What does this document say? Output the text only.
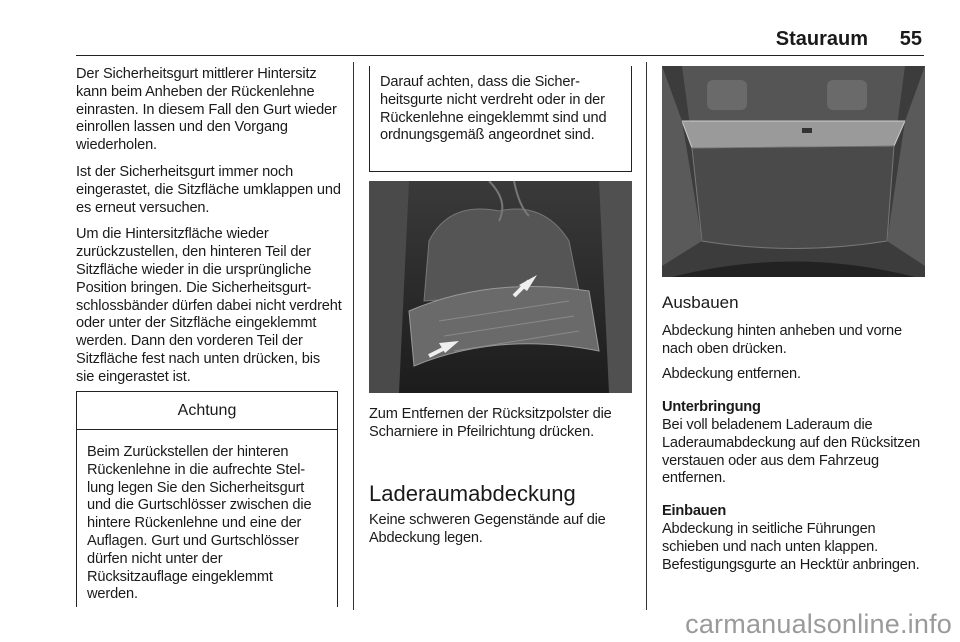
Stauraum 55

Der Sicherheitsgurt mittlerer Hintersitz kann beim Anheben der Rückenlehne einrasten. In diesem Fall den Gurt wieder einrollen lassen und den Vorgang wiederholen.

Ist der Sicherheitsgurt immer noch eingerastet, die Sitzfläche umklappen und es erneut versuchen.

Um die Hintersitzfläche wieder zurückzustellen, den hinteren Teil der Sitzfläche wieder in die ursprüngliche Position bringen. Die Sicherheitsgurtschlossbänder dürfen dabei nicht verdreht oder unter der Sitzfläche eingeklemmt werden. Dann den vorderen Teil der Sitzfläche fest nach unten drücken, bis sie eingerastet ist.

Achtung
Beim Zurückstellen der hinteren Rückenlehne in die aufrechte Stellung legen Sie den Sicherheitsgurt und die Gurtschlösser zwischen die hintere Rückenlehne und eine der Auflagen. Gurt und Gurtschlösser dürfen nicht unter der Rücksitzauflage eingeklemmt werden.
Darauf achten, dass die Sicherheitsgurte nicht verdreht oder in der Rückenlehne eingeklemmt sind und ordnungsgemäß angeordnet sind.
Zum Entfernen der Rücksitzpolster die Scharniere in Pfeilrichtung drücken.
Laderaumabdeckung
Keine schweren Gegenstände auf die Abdeckung legen.
Ausbauen
Abdeckung hinten anheben und vorne nach oben drücken.
Abdeckung entfernen.
Unterbringung
Bei voll beladenem Laderaum die Laderaumabdeckung auf den Rücksitzen verstauen oder aus dem Fahrzeug entfernen.
Einbauen
Abdeckung in seitliche Führungen schieben und nach unten klappen. Befestigungsgurte an Hecktür anbringen.
carmanualsonline.info
